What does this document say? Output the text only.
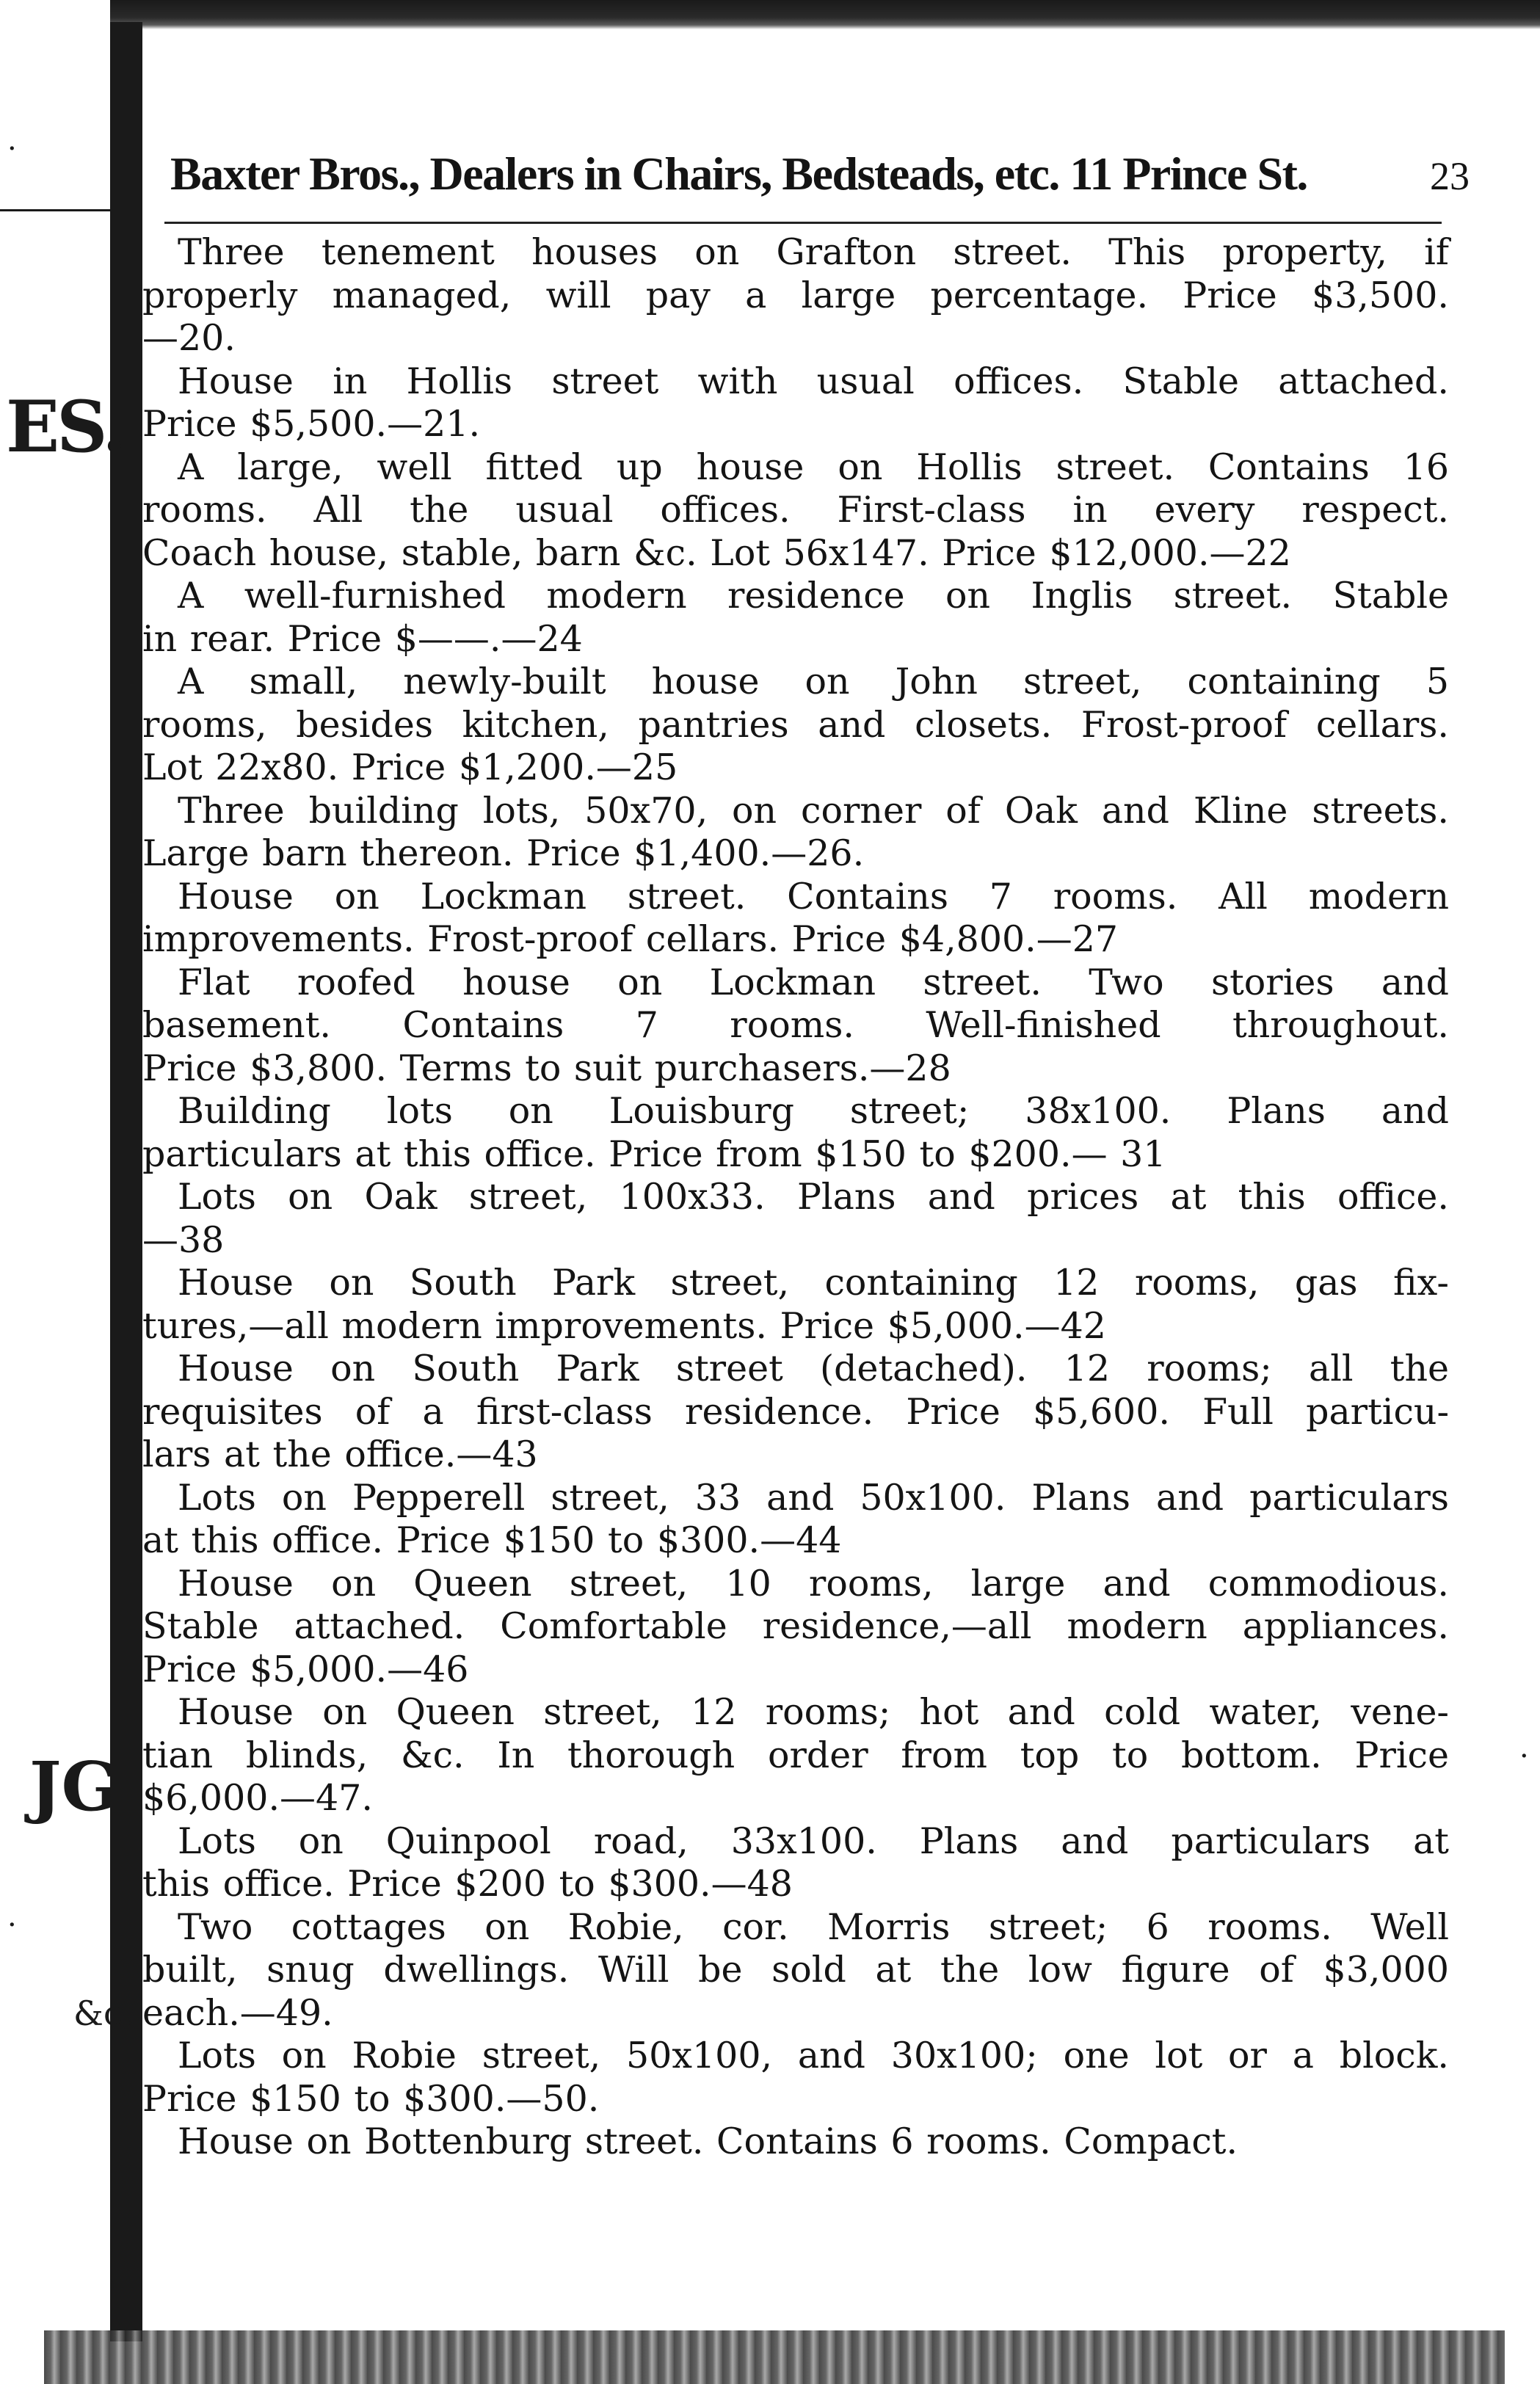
·
ES.
JG
·
&c.
·
Baxter Bros., Dealers in Chairs, Bedsteads, etc. 11 Prince St.	23
Three tenement houses on Grafton street. This property, if
properly managed, will pay a large percentage. Price $3,500.
—20.
House in Hollis street with usual offices. Stable attached.
Price $5,500.—21.
A large, well fitted up house on Hollis street. Contains 16
rooms. All the usual offices. First-class in every respect.
Coach house, stable, barn &c. Lot 56x147. Price $12,000.—22
A well-furnished modern residence on Inglis street. Stable
in rear. Price $——.—24
A small, newly-built house on John street, containing 5
rooms, besides kitchen, pantries and closets. Frost-proof cellars.
Lot 22x80. Price $1,200.—25
Three building lots, 50x70, on corner of Oak and Kline streets.
Large barn thereon. Price $1,400.—26.
House on Lockman street. Contains 7 rooms. All modern
improvements. Frost-proof cellars. Price $4,800.—27
Flat roofed house on Lockman street. Two stories and
basement. Contains 7 rooms. Well-finished throughout.
Price $3,800. Terms to suit purchasers.—28
Building lots on Louisburg street; 38x100. Plans and
particulars at this office. Price from $150 to $200.— 31
Lots on Oak street, 100x33. Plans and prices at this office.
—38
House on South Park street, containing 12 rooms, gas fix-
tures,—all modern improvements. Price $5,000.—42
House on South Park street (detached). 12 rooms; all the
requisites of a first-class residence. Price $5,600. Full particu-
lars at the office.—43
Lots on Pepperell street, 33 and 50x100. Plans and particulars
at this office. Price $150 to $300.—44
House on Queen street, 10 rooms, large and commodious.
Stable attached. Comfortable residence,—all modern appliances.
Price $5,000.—46
House on Queen street, 12 rooms; hot and cold water, vene-
tian blinds, &c. In thorough order from top to bottom. Price
$6,000.—47.
Lots on Quinpool road, 33x100. Plans and particulars at
this office. Price $200 to $300.—48
Two cottages on Robie, cor. Morris street; 6 rooms. Well
built, snug dwellings. Will be sold at the low figure of $3,000
each.—49.
Lots on Robie street, 50x100, and 30x100; one lot or a block.
Price $150 to $300.—50.
House on Bottenburg street. Contains 6 rooms. Compact.
